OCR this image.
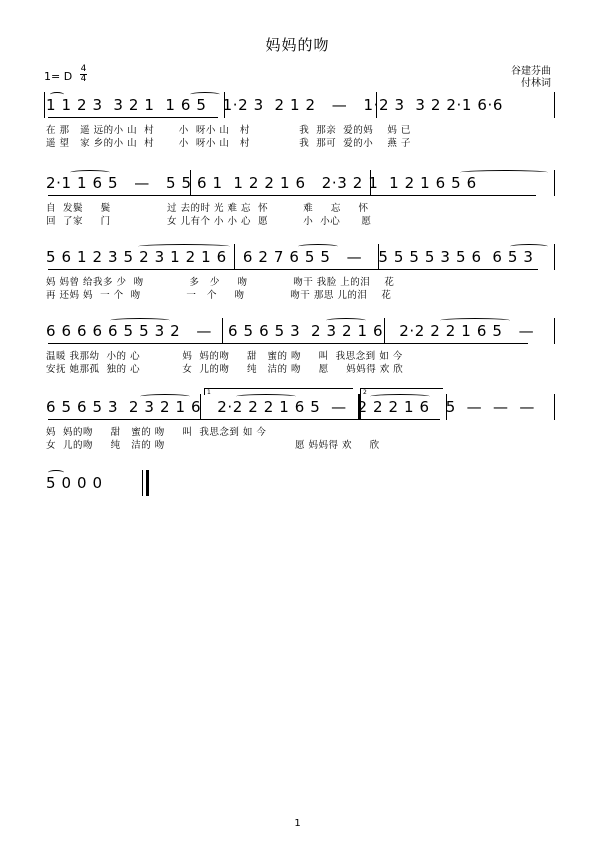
妈妈的吻
谷建芬曲
付林词
1= D
4
4
1 1 2 3  3 2 1  1 6 5   1·2 3  2 1 2   —   1·2 3  3 2 2·1 6·6
在 那   遥 远的小 山  村       小  呀小 山   村              我  那亲  爱的妈    妈 已
遥 望   家 乡的小 山  村       小  呀小 山   村              我  那可  爱的小    燕 子
2·1 1 6 5   —   5 5 6 1  1 2 2 1 6   2·3 2 1  1 2 1 6 5 6
自  发鬓     鬓                过 去的时 光 难 忘  怀          难     忘     怀
回  了家     门                女 儿有个 小 小 心  愿          小  小心      愿
5 6 1 2 3 5 2 3 1 2 1 6   6 2 7 6 5 5   —   5 5 5 5 3 5 6  6 5 3
妈 妈曾 给我多 少  吻             多   少     吻             吻干 我脸 上的泪    花
再 还妈 妈  一 个  吻             一   个     吻             吻干 那思 儿的泪    花
6 6 6 6 6 5 5 3 2   —   6 5 6 5 3  2 3 2 1 6   2·2 2 2 1 6 5   —
温暖 我那幼  小的 心            妈  妈的吻     甜   蜜的 吻     叫  我思念到 如 今
安抚 她那孤  独的 心            女  儿的吻     纯   洁的 吻     愿     妈妈得 欢 欣
1	2
6 5 6 5 3  2 3 2 1 6   2·2 2 2 1 6 5  —  2 2 2 1 6   5  —  —  —
妈  妈的吻     甜   蜜的 吻     叫  我思念到 如 今
女  儿的吻     纯   洁的 吻                                     愿 妈妈得 欢     欣
5 0 0 0
1
